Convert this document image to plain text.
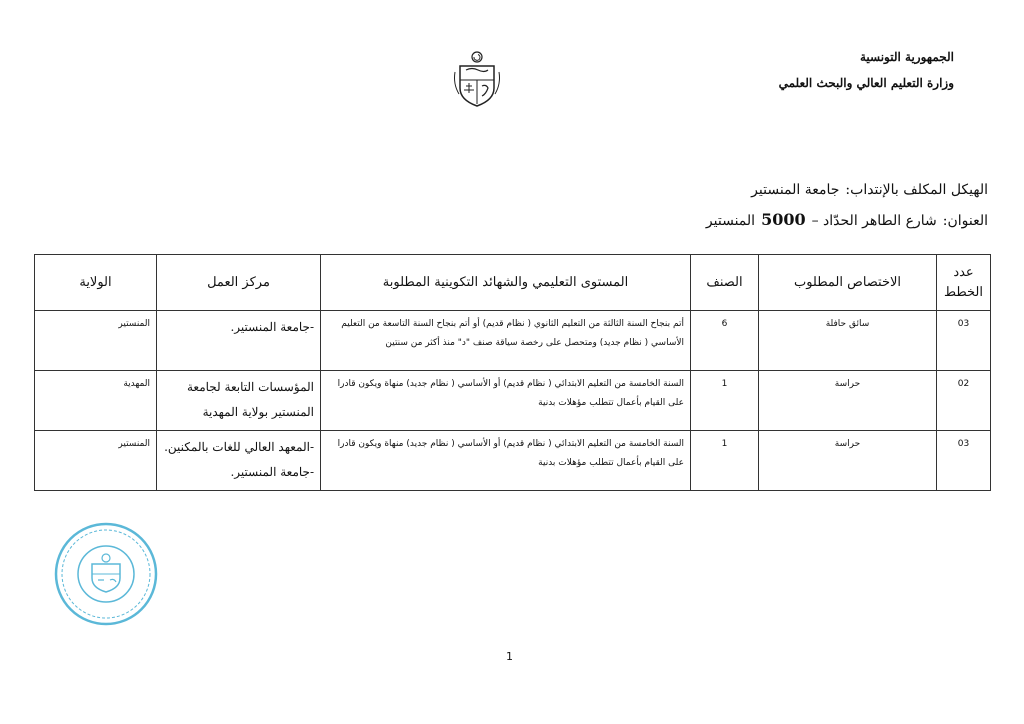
الجمهورية التونسية
وزارة التعليم العالي والبحث العلمي
الهيكل المكلف بالإنتداب:جامعة المنستير
العنوان:شارع الطاهر الحدّاد –5000المنستير
عدد الخطط	الاختصاص المطلوب	الصنف	المستوى التعليمي والشهائد التكوينية المطلوبة	مركز العمل	الولاية
03	سائق حافلة	6	أتم بنجاح السنة الثالثة من التعليم الثانوي ( نظام قديم) أو أتم بنجاح السنة التاسعة من التعليم الأساسي ( نظام جديد) ومتحصل على رخصة سياقة صنف "د" منذ أكثر من سنتين	-جامعة المنستير.	المنستير
02	حراسة	1	السنة الخامسة من التعليم الابتدائي ( نظام قديم) أو الأساسي ( نظام جديد) منهاة ويكون قادرا على القيام بأعمال تتطلب مؤهلات بدنية	المؤسسات التابعة لجامعة المنستير بولاية المهدية	المهدية
03	حراسة	1	السنة الخامسة من التعليم الابتدائي ( نظام قديم) أو الأساسي ( نظام جديد) منهاة ويكون قادرا على القيام بأعمال تتطلب مؤهلات بدنية	-المعهد العالي للغات بالمكنين. -جامعة المنستير.	المنستير
1
